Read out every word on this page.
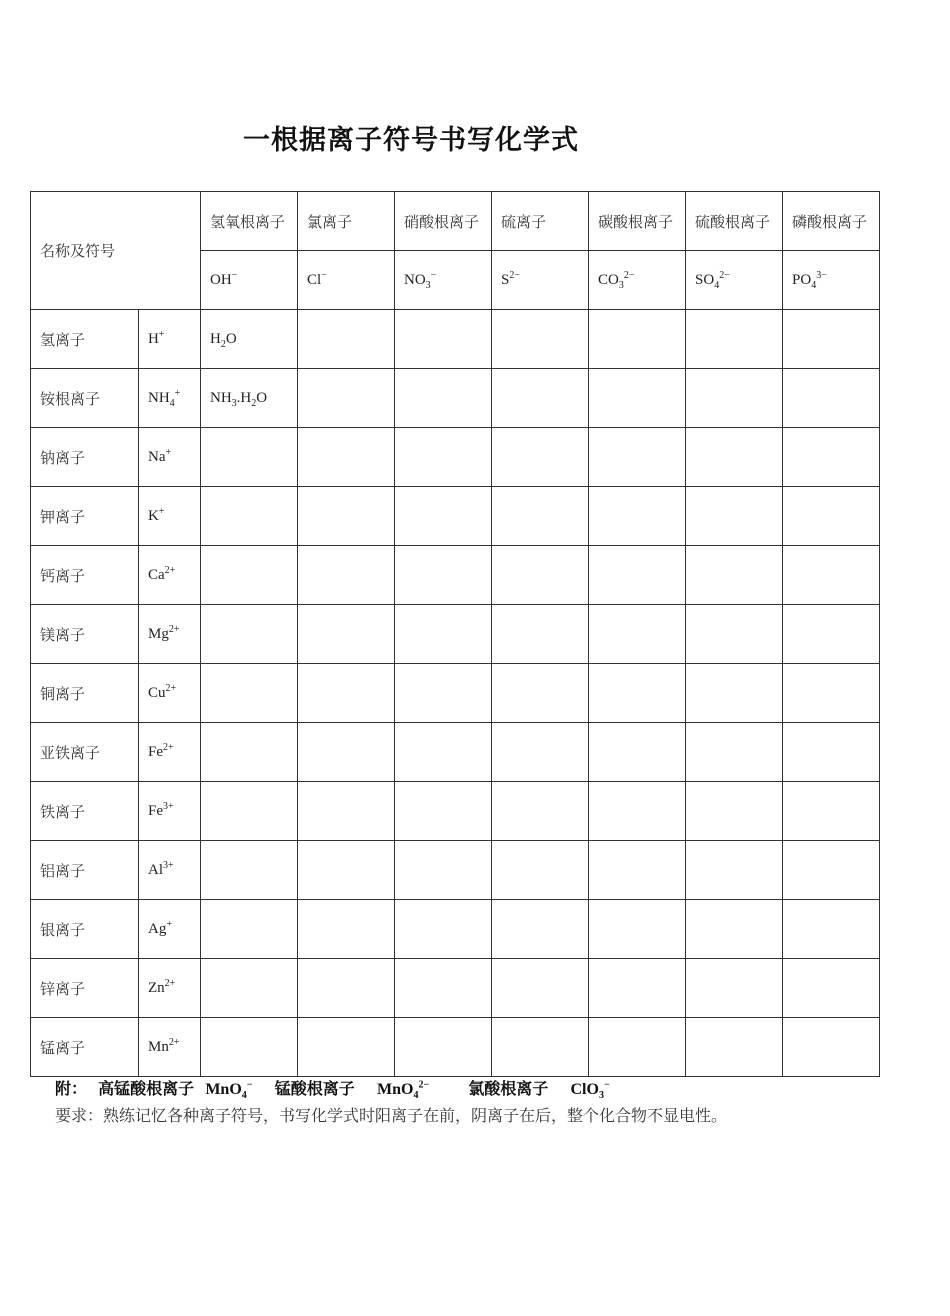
一根据离子符号书写化学式
名称及符号		氢氧根离子	氯离子	硝酸根离子	硫离子	碳酸根离子	硫酸根离子	磷酸根离子
		OH−	Cl−	$NO_3^-$	$S^{2-}$	$CO_3^{2-}$	$SO_4^{2-}$	$PO_4^{3-}$
氢离子	H+	$H_2O$						
铵根离子	$NH_4^+$	$NH_3.H_2O$						
钠离子	Na+							
钾离子	K+							
钙离子	$Ca^{2+}$							
镁离子	$Mg^{2+}$							
铜离子	$Cu^{2+}$							
亚铁离子	$Fe^{2+}$							
铁离子	$Fe^{3+}$							
铝离子	$Al^{3+}$							
银离子	Ag+							
锌离子	$Zn^{2+}$							
锰离子	$Mn^{2+}$							
附：  高锰酸根离子  MnO$_4$− 锰酸根离子    MnO$_4^{2-}$ 氯酸根离子    ClO$_3$−
要求：熟练记忆各种离子符号，书写化学式时阳离子在前，阴离子在后，整个化合物不显电性。
